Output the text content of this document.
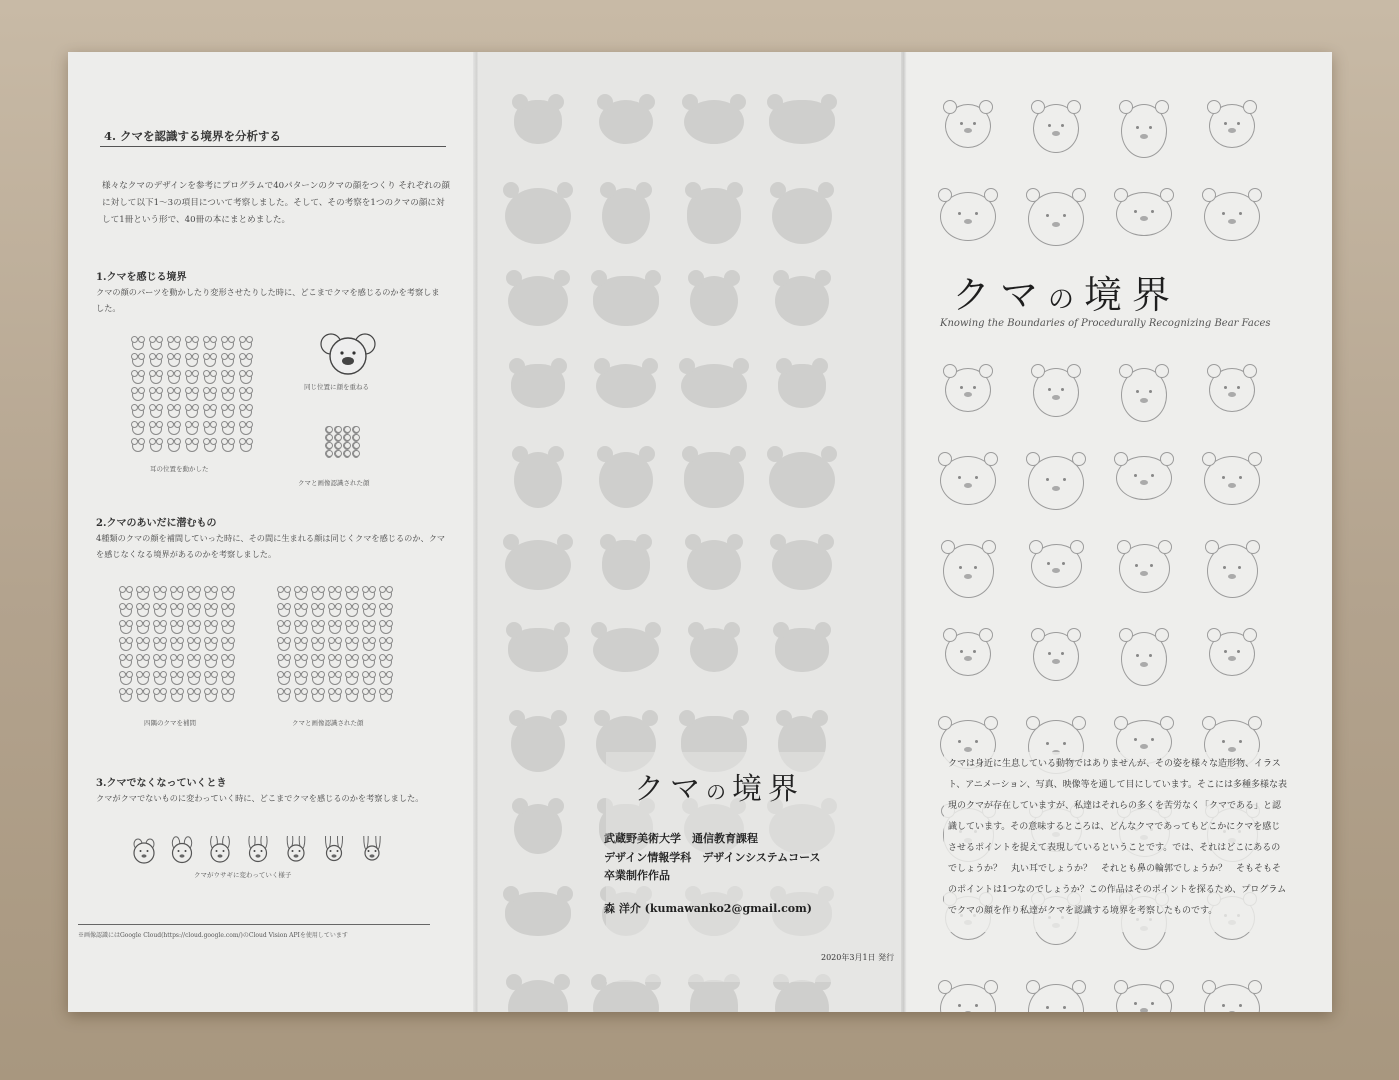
4. クマを認識する境界を分析する
様々なクマのデザインを参考にプログラムで40パターンのクマの顔をつくり それぞれの顔に対して以下1〜3の項目について考察しました。そして、その考察を1つのクマの顔に対して1冊という形で、40冊の本にまとめました。
1.クマを感じる境界
クマの顔のパーツを動かしたり変形させたりした時に、どこまでクマを感じるのかを考察しました。
耳の位置を動かした
同じ位置に顔を重ねる
クマと画像認識された顔
2.クマのあいだに潜むもの
4種類のクマの顔を補間していった時に、その間に生まれる顔は同じくクマを感じるのか、クマを感じなくなる境界があるのかを考察しました。
四隅のクマを補間	クマと画像認識された顔
3.クマでなくなっていくとき
クマがクマでないものに変わっていく時に、どこまでクマを感じるのかを考察しました。
クマがウサギに変わっていく様子
※画像認識にはGoogle Cloud(https://cloud.google.com/)のCloud Vision APIを使用しています
クマの境界
武蔵野美術大学　通信教育課程
デザイン情報学科　デザインシステムコース
卒業制作作品
森 洋介 (kumawanko2@gmail.com)
2020年3月1日 発行
クマの境界
Knowing the Boundaries of Procedurally Recognizing Bear Faces
クマは身近に生息している動物ではありませんが、その姿を様々な造形物、イラスト、アニメーション、写真、映像等を通して目にしています。そこには多種多様な表現のクマが存在していますが、私達はそれらの多くを苦労なく「クマである」と認識しています。その意味するところは、どんなクマであってもどこかにクマを感じさせるポイントを捉えて表現しているということです。では、それはどこにあるのでしょうか？　丸い耳でしょうか？　それとも鼻の輪郭でしょうか？　そもそもそのポイントは1つなのでしょうか？この作品はそのポイントを探るため、プログラムでクマの顔を作り私達がクマを認識する境界を考察したものです。
